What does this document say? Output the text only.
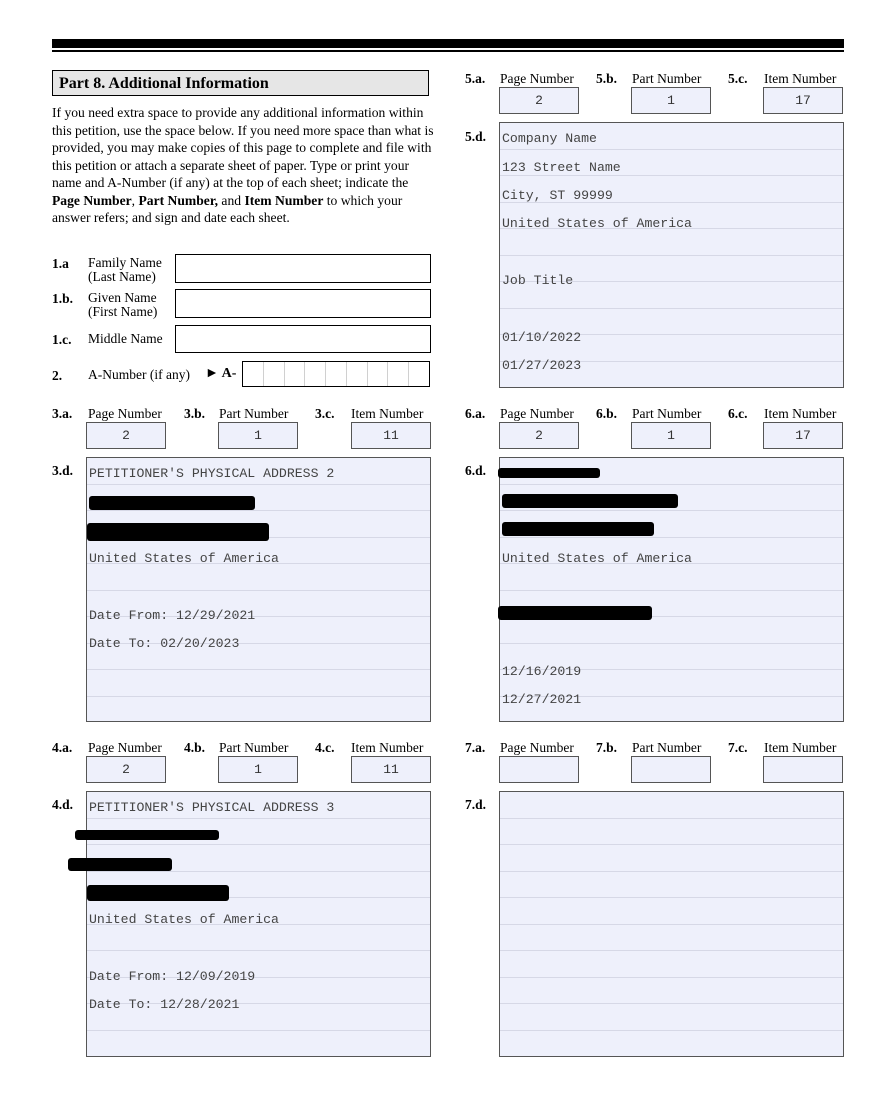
Part 8. Additional Information
If you need extra space to provide any additional information within this petition, use the space below. If you need more space than what is provided, you may make copies of this page to complete and file with this petition or attach a separate sheet of paper. Type or print your name and A-Number (if any) at the top of each sheet; indicate the Page Number, Part Number, and Item Number to which your answer refers; and sign and date each sheet.
1.a Family Name
(Last Name)
1.b. Given Name
(First Name)
1.c. Middle Name
2. A-Number (if any) ► A-
3.a. Page Number 3.b. Part Number 3.c. Item Number
2	1	11
3.d. PETITIONER'S PHYSICAL ADDRESS 2
United States of America
Date From: 12/29/2021
Date To: 02/20/2023
4.a. Page Number 4.b. Part Number 4.c. Item Number
2	1	11
4.d. PETITIONER'S PHYSICAL ADDRESS 3
United States of America
Date From: 12/09/2019
Date To: 12/28/2021
5.a. Page Number 5.b. Part Number 5.c. Item Number
2	1	17
5.d. Company Name
123 Street Name
City, ST 99999
United States of America
Job Title
01/10/2022
01/27/2023
6.a. Page Number 6.b. Part Number 6.c. Item Number
2	1	17
6.d.
United States of America
12/16/2019
12/27/2021
7.a. Page Number 7.b. Part Number 7.c. Item Number
7.d.
